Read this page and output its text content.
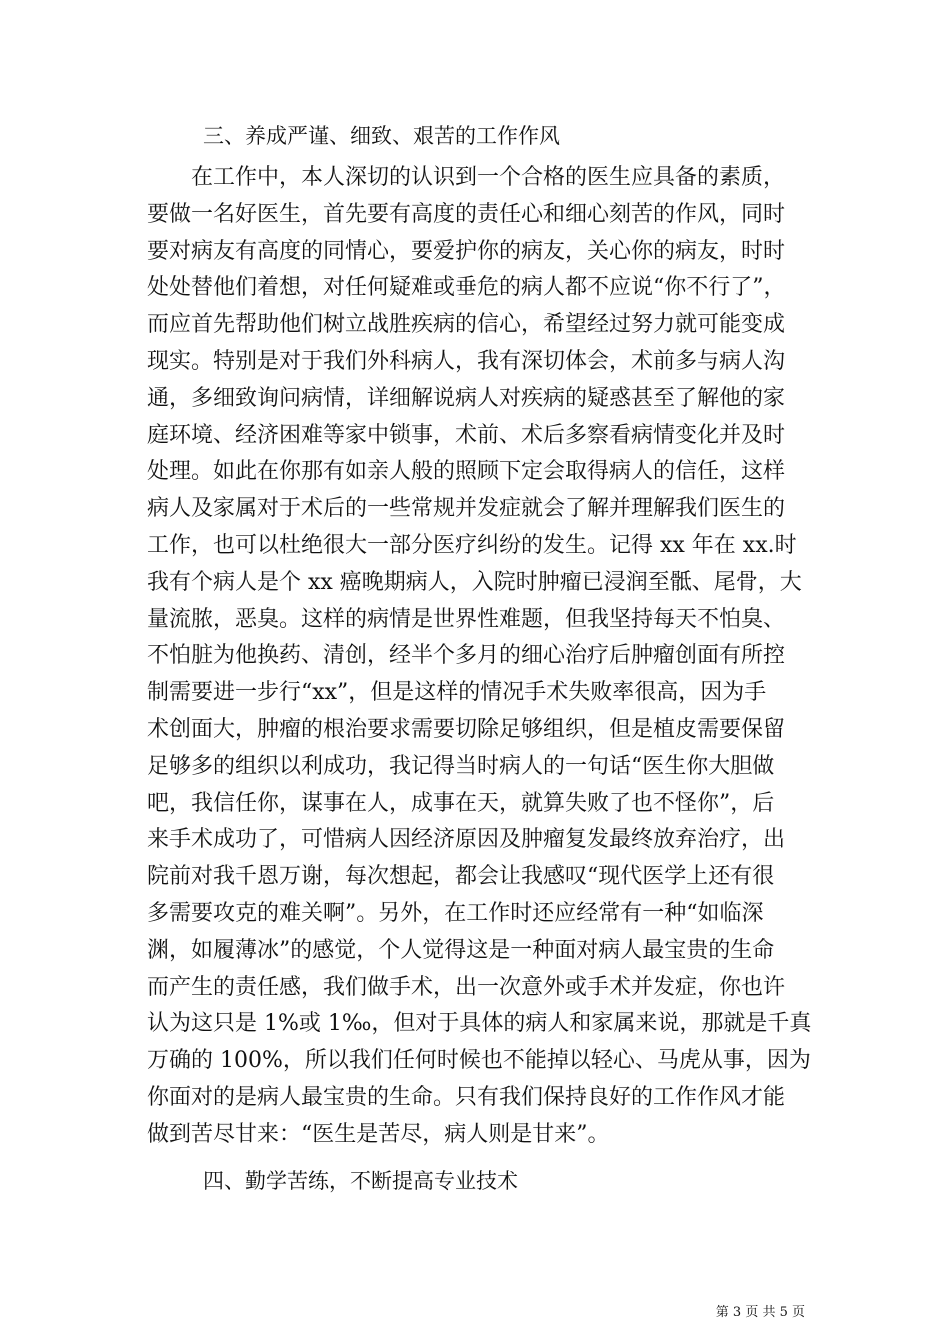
三、养成严谨、细致、艰苦的工作作风
　　在工作中，本人深切的认识到一个合格的医生应具备的素质，
要做一名好医生，首先要有高度的责任心和细心刻苦的作风，同时
要对病友有高度的同情心，要爱护你的病友，关心你的病友，时时
处处替他们着想，对任何疑难或垂危的病人都不应说“你不行了”，
而应首先帮助他们树立战胜疾病的信心，希望经过努力就可能变成
现实。特别是对于我们外科病人，我有深切体会，术前多与病人沟
通，多细致询问病情，详细解说病人对疾病的疑惑甚至了解他的家
庭环境、经济困难等家中锁事，术前、术后多察看病情变化并及时
处理。如此在你那有如亲人般的照顾下定会取得病人的信任，这样
病人及家属对于术后的一些常规并发症就会了解并理解我们医生的
工作，也可以杜绝很大一部分医疗纠纷的发生。记得 xx 年在 xx.时
我有个病人是个 xx 癌晚期病人，入院时肿瘤已浸润至骶、尾骨，大
量流脓，恶臭。这样的病情是世界性难题，但我坚持每天不怕臭、
不怕脏为他换药、清创，经半个多月的细心治疗后肿瘤创面有所控
制需要进一步行“xx”，但是这样的情况手术失败率很高，因为手
术创面大，肿瘤的根治要求需要切除足够组织，但是植皮需要保留
足够多的组织以利成功，我记得当时病人的一句话“医生你大胆做
吧，我信任你，谋事在人，成事在天，就算失败了也不怪你”，后
来手术成功了，可惜病人因经济原因及肿瘤复发最终放弃治疗，出
院前对我千恩万谢，每次想起，都会让我感叹“现代医学上还有很
多需要攻克的难关啊”。另外，在工作时还应经常有一种“如临深
渊，如履薄冰”的感觉，个人觉得这是一种面对病人最宝贵的生命
而产生的责任感，我们做手术，出一次意外或手术并发症，你也许
认为这只是 1%或 1‰，但对于具体的病人和家属来说，那就是千真
万确的 100%，所以我们任何时候也不能掉以轻心、马虎从事，因为
你面对的是病人最宝贵的生命。只有我们保持良好的工作作风才能
做到苦尽甘来：“医生是苦尽，病人则是甘来”。
四、勤学苦练，不断提高专业技术
第 3 页 共 5 页
